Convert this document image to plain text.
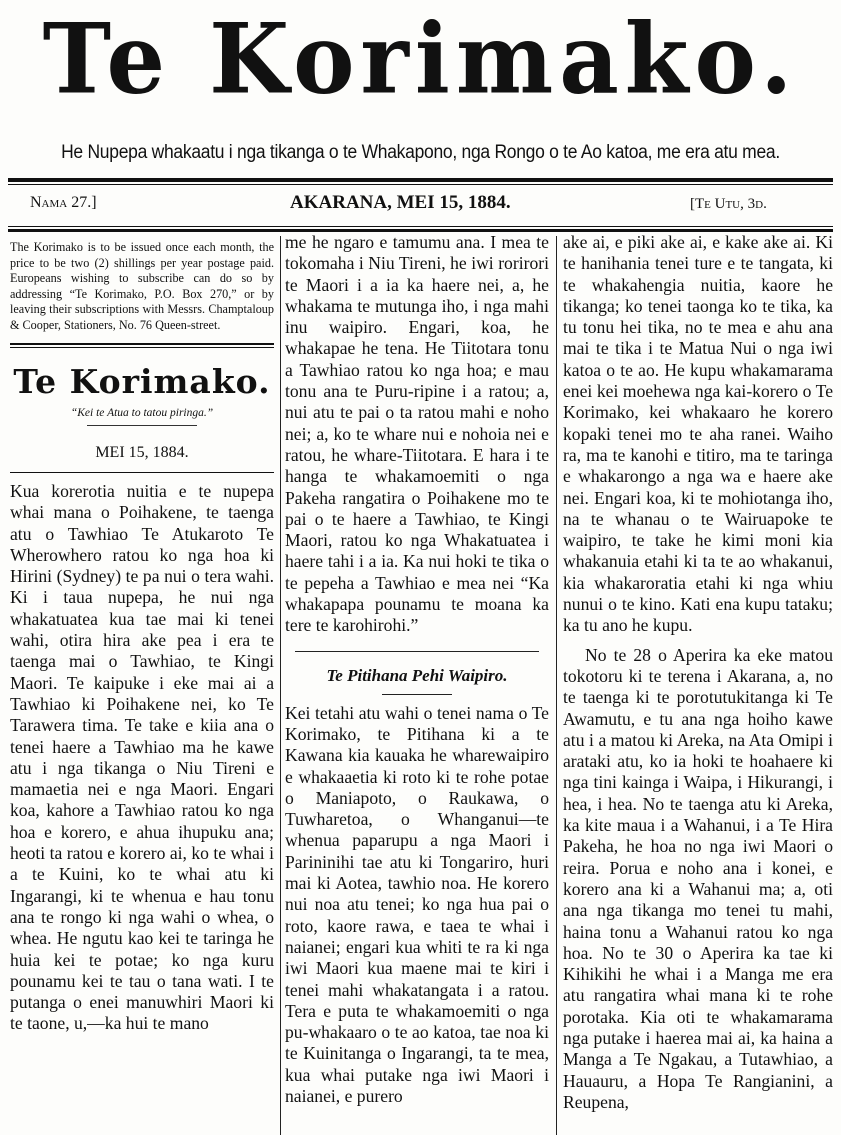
Te Korimako.
He Nupepa whakaatu i nga tikanga o te Whakapono, nga Rongo o te Ao katoa, me era atu mea.
Nama 27.]	AKARANA, MEI 15, 1884.	[Te Utu, 3d.

The Korimako is to be issued once each month, the price to be two (2) shillings per year postage paid. Europeans wishing to subscribe can do so by addressing “Te Korimako, P.O. Box 270,” or by leaving their subscriptions with Messrs. Champtaloup & Cooper, Stationers, No. 76 Queen-street.

Te Korimako.
“Kei te Atua to tatou piringa.”
MEI 15, 1884.

Kua korerotia nuitia e te nupepa whai mana o Poihakene, te taenga atu o Tawhiao Te Atukaroto Te Wherowhero ratou ko nga hoa ki Hirini (Sydney) te pa nui o tera wahi. Ki i taua nupepa, he nui nga whakatuatea kua tae mai ki tenei wahi, otira hira ake pea i era te taenga mai o Tawhiao, te Kingi Maori. Te kaipuke i eke mai ai a Tawhiao ki Poihakene nei, ko Te Tarawera tima. Te take e kiia ana o tenei haere a Tawhiao ma he kawe atu i nga tikanga o Niu Tireni e mamaetia nei e nga Maori. Engari koa, kahore a Tawhiao ratou ko nga hoa e korero, e ahua ihupuku ana; heoti ta ratou e korero ai, ko te whai i a te Kuini, ko te whai atu ki Ingarangi, ki te whenua e hau tonu ana te rongo ki nga wahi o whea, o whea. He ngutu kao kei te taringa he huia kei te potae; ko nga kuru pounamu kei te tau o tana wati. I te putanga o enei manuwhiri Maori ki te taone, u,—ka hui te mano

me he ngaro e tamumu ana. I mea te tokomaha i Niu Tireni, he iwi rorirori te Maori i a ia ka haere nei, a, he whakama te mutunga iho, i nga mahi inu waipiro. Engari, koa, he whakapae he tena. He Tiitotara tonu a Tawhiao ratou ko nga hoa; e mau tonu ana te Puru-ripine i a ratou; a, nui atu te pai o ta ratou mahi e noho nei; a, ko te whare nui e nohoia nei e ratou, he whare-Tiitotara. E hara i te hanga te whakamoemiti o nga Pakeha rangatira o Poihakene mo te pai o te haere a Tawhiao, te Kingi Maori, ratou ko nga Whakatuatea i haere tahi i a ia. Ka nui hoki te tika o te pepeha a Tawhiao e mea nei “Ka whakapapa pounamu te moana ka tere te karohirohi.”

Te Pitihana Pehi Waipiro.

Kei tetahi atu wahi o tenei nama o Te Korimako, te Pitihana ki a te Kawana kia kauaka he wharewaipiro e whakaaetia ki roto ki te rohe potae o Maniapoto, o Raukawa, o Tuwharetoa, o Whanganui—te whenua paparupu a nga Maori i Parininihi tae atu ki Tongariro, huri mai ki Aotea, tawhio noa. He korero nui noa atu tenei; ko nga hua pai o roto, kaore rawa, e taea te whai i naianei; engari kua whiti te ra ki nga iwi Maori kua maene mai te kiri i tenei mahi whakatangata i a ratou. Tera e puta te whakamoemiti o nga pu-whakaaro o te ao katoa, tae noa ki te Kuinitanga o Ingarangi, ta te mea, kua whai putake nga iwi Maori i naianei, e purero

ake ai, e piki ake ai, e kake ake ai. Ki te hanihania tenei ture e te tangata, ki te whakahengia nuitia, kaore he tikanga; ko tenei taonga ko te tika, ka tu tonu hei tika, no te mea e ahu ana mai te tika i te Matua Nui o nga iwi katoa o te ao. He kupu whakamarama enei kei moehewa nga kai-korero o Te Korimako, kei whakaaro he korero kopaki tenei mo te aha ranei. Waiho ra, ma te kanohi e titiro, ma te taringa e whakarongo a nga wa e haere ake nei. Engari koa, ki te mohiotanga iho, na te whanau o te Wairuapoke te waipiro, te take he kimi moni kia whakanuia etahi ki ta te ao whakanui, kia whakaroratia etahi ki nga whiu nunui o te kino. Kati ena kupu tataku; ka tu ano he kupu.

No te 28 o Aperira ka eke matou tokotoru ki te terena i Akarana, a, no te taenga ki te porotutukitanga ki Te Awamutu, e tu ana nga hoiho kawe atu i a matou ki Areka, na Ata Omipi i arataki atu, ko ia hoki te hoahaere ki nga tini kainga i Waipa, i Hikurangi, i hea, i hea. No te taenga atu ki Areka, ka kite maua i a Wahanui, i a Te Hira Pakeha, he hoa no nga iwi Maori o reira. Porua e noho ana i konei, e korero ana ki a Wahanui ma; a, oti ana nga tikanga mo tenei tu mahi, haina tonu a Wahanui ratou ko nga hoa. No te 30 o Aperira ka tae ki Kihikihi he whai i a Manga me era atu rangatira whai mana ki te rohe porotaka. Kia oti te whakamarama nga putake i haerea mai ai, ka haina a Manga a Te Ngakau, a Tutawhiao, a Hauauru, a Hopa Te Rangianini, a Reupena,
